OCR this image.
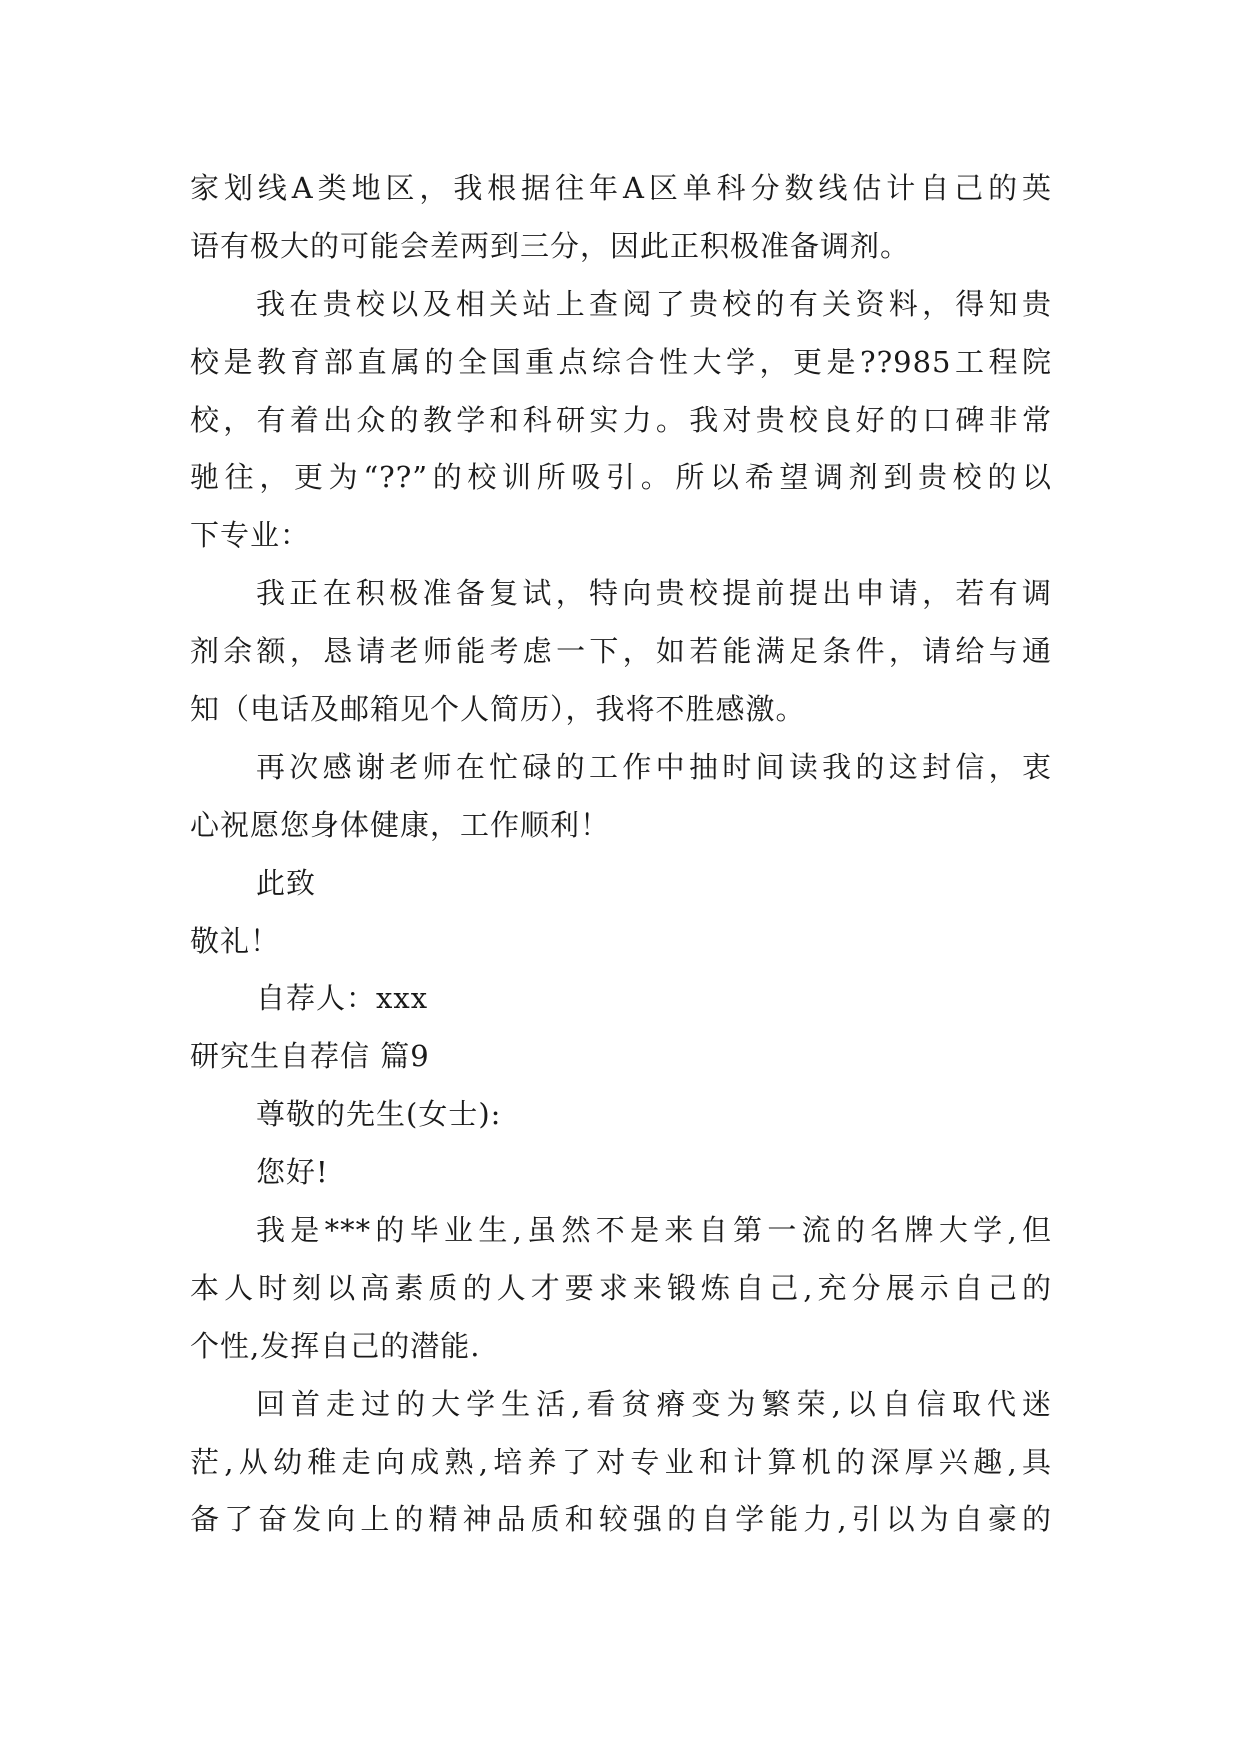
家划线A类地区，我根据往年A区单科分数线估计自己的英
语有极大的可能会差两到三分，因此正积极准备调剂。
我在贵校以及相关站上查阅了贵校的有关资料，得知贵
校是教育部直属的全国重点综合性大学，更是??985工程院
校，有着出众的教学和科研实力。我对贵校良好的口碑非常
驰往，更为“??”的校训所吸引。所以希望调剂到贵校的以
下专业：
我正在积极准备复试，特向贵校提前提出申请，若有调
剂余额，恳请老师能考虑一下，如若能满足条件，请给与通
知（电话及邮箱见个人简历），我将不胜感激。
再次感谢老师在忙碌的工作中抽时间读我的这封信，衷
心祝愿您身体健康，工作顺利！
此致
敬礼！
自荐人：xxx
研究生自荐信 篇9
尊敬的先生(女士):
您好!
我是***的毕业生,虽然不是来自第一流的名牌大学,但
本人时刻以高素质的人才要求来锻炼自己,充分展示自己的
个性,发挥自己的潜能.
回首走过的大学生活,看贫瘠变为繁荣,以自信取代迷
茫,从幼稚走向成熟,培养了对专业和计算机的深厚兴趣,具
备了奋发向上的精神品质和较强的自学能力,引以为自豪的
